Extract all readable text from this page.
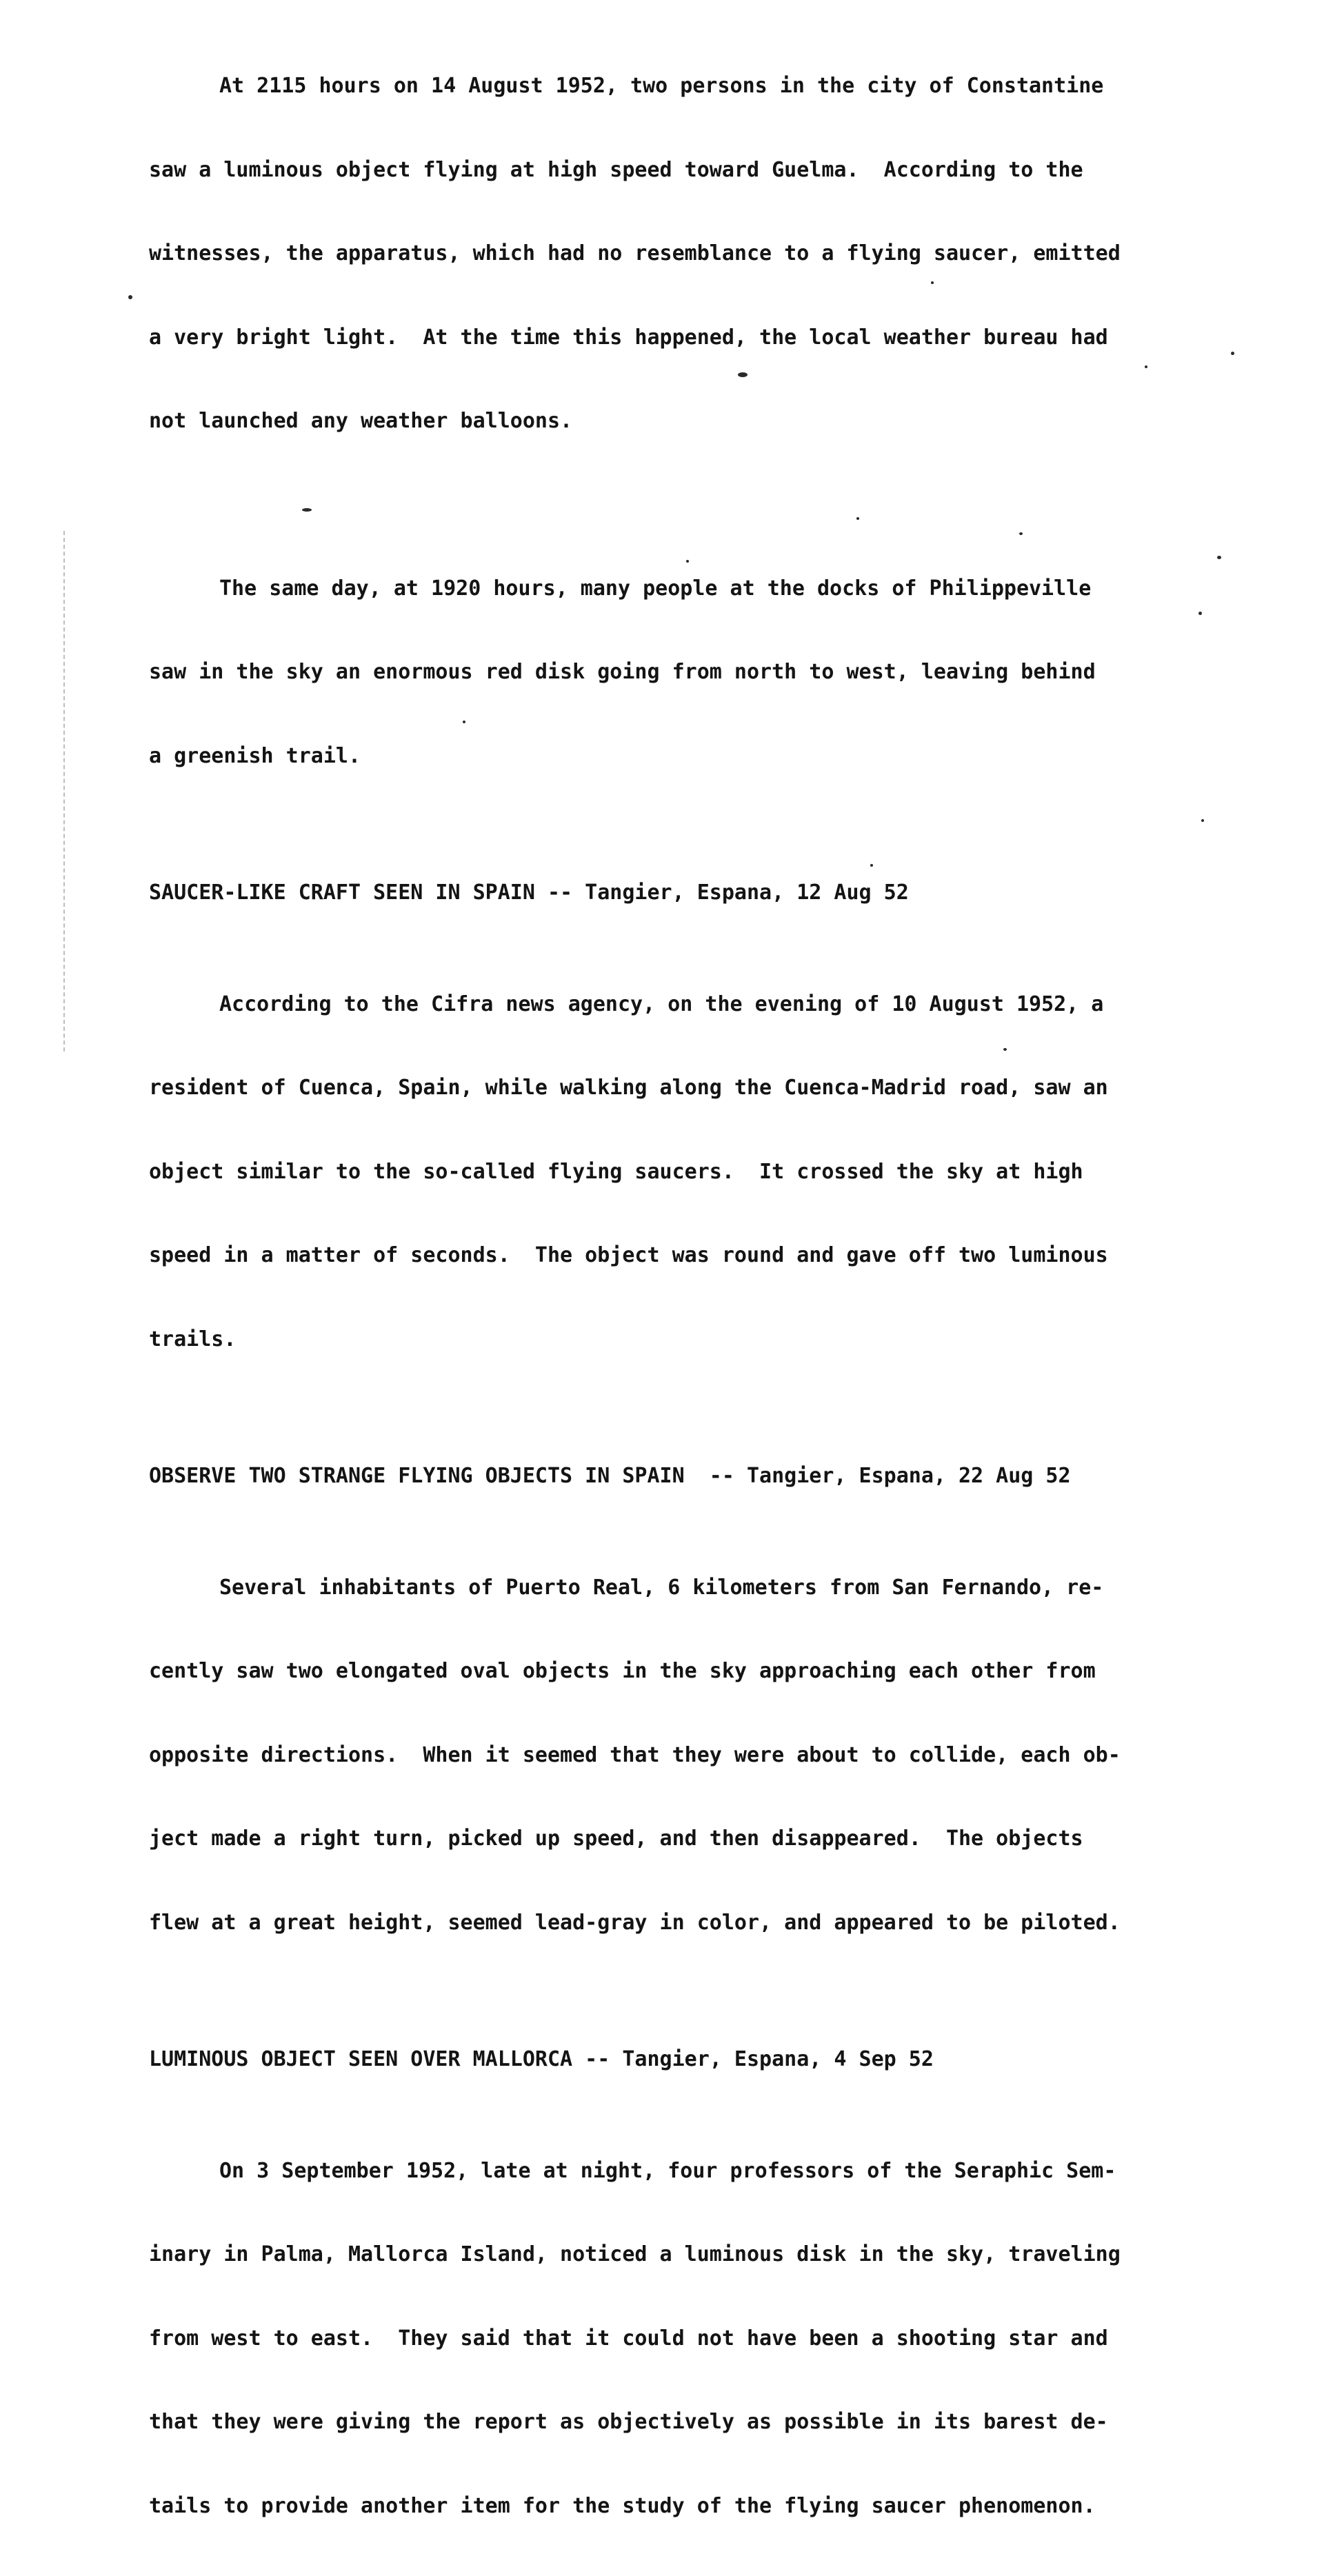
At 2115 hours on 14 August 1952, two persons in the city of Constantine

saw a luminous object flying at high speed toward Guelma.  According to the

witnesses, the apparatus, which had no resemblance to a flying saucer, emitted

a very bright light.  At the time this happened, the local weather bureau had

not launched any weather balloons.

The same day, at 1920 hours, many people at the docks of Philippeville

saw in the sky an enormous red disk going from north to west, leaving behind

a greenish trail.

SAUCER-LIKE CRAFT SEEN IN SPAIN -- Tangier, Espana, 12 Aug 52

According to the Cifra news agency, on the evening of 10 August 1952, a

resident of Cuenca, Spain, while walking along the Cuenca-Madrid road, saw an

object similar to the so-called flying saucers.  It crossed the sky at high

speed in a matter of seconds.  The object was round and gave off two luminous

trails.

OBSERVE TWO STRANGE FLYING OBJECTS IN SPAIN  -- Tangier, Espana, 22 Aug 52

Several inhabitants of Puerto Real, 6 kilometers from San Fernando, re-

cently saw two elongated oval objects in the sky approaching each other from

opposite directions.  When it seemed that they were about to collide, each ob-

ject made a right turn, picked up speed, and then disappeared.  The objects

flew at a great height, seemed lead-gray in color, and appeared to be piloted.

LUMINOUS OBJECT SEEN OVER MALLORCA -- Tangier, Espana, 4 Sep 52

On 3 September 1952, late at night, four professors of the Seraphic Sem-

inary in Palma, Mallorca Island, noticed a luminous disk in the sky, traveling

from west to east.  They said that it could not have been a shooting star and

that they were giving the report as objectively as possible in its barest de-

tails to provide another item for the study of the flying saucer phenomenon.
